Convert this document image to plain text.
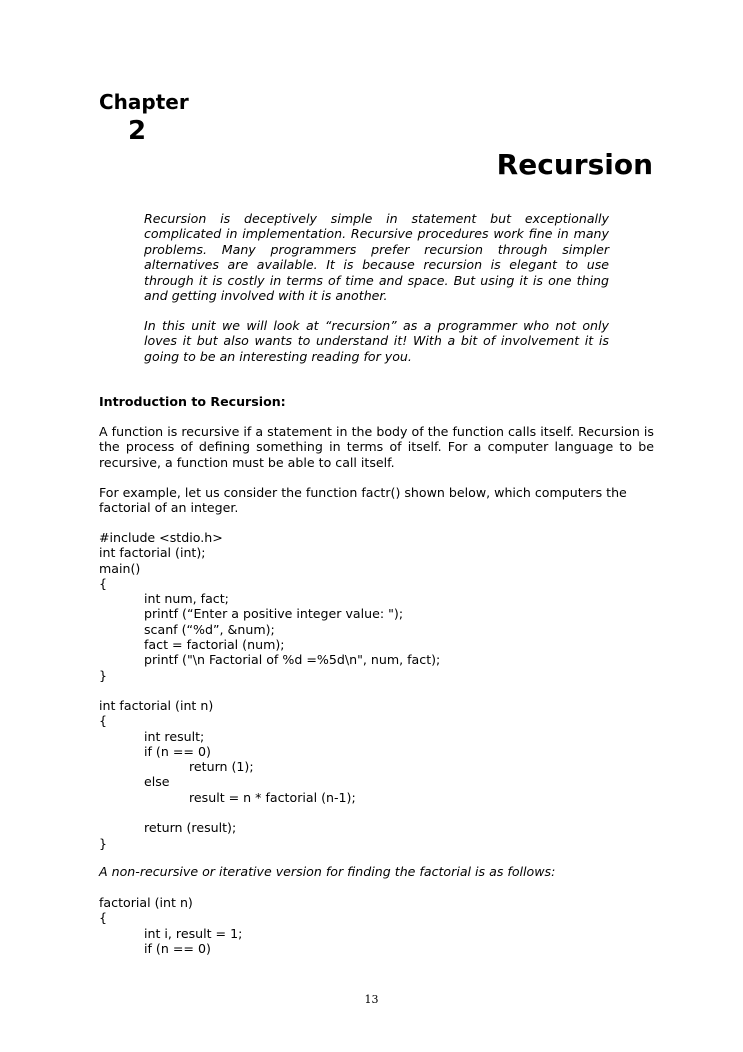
Chapter
2
Recursion

Recursion is deceptively simple in statement but exceptionally complicated in implementation. Recursive procedures work fine in many problems. Many programmers prefer recursion through simpler alternatives are available. It is because recursion is elegant to use through it is costly in terms of time and space. But using it is one thing and getting involved with it is another.

In this unit we will look at “recursion” as a programmer who not only loves it but also wants to understand it! With a bit of involvement it is going to be an interesting reading for you.

Introduction to Recursion:

A function is recursive if a statement in the body of the function calls itself. Recursion is the process of defining something in terms of itself. For a computer language to be recursive, a function must be able to call itself.

For example, let us consider the function factr() shown below, which computers the factorial of an integer.

#include <stdio.h>
int factorial (int);
main()
{
int num, fact;
printf (“Enter a positive integer value: ");
scanf (“%d”, &num);
fact = factorial (num);
printf ("\n Factorial of %d =%5d\n", num, fact);
}
int factorial (int n)
{
int result;
if (n == 0)
return (1);
else
result = n * factorial (n-1);
return (result);
}

A non-recursive or iterative version for finding the factorial is as follows:

factorial (int n)
{
int i, result = 1;
if (n == 0)
13
